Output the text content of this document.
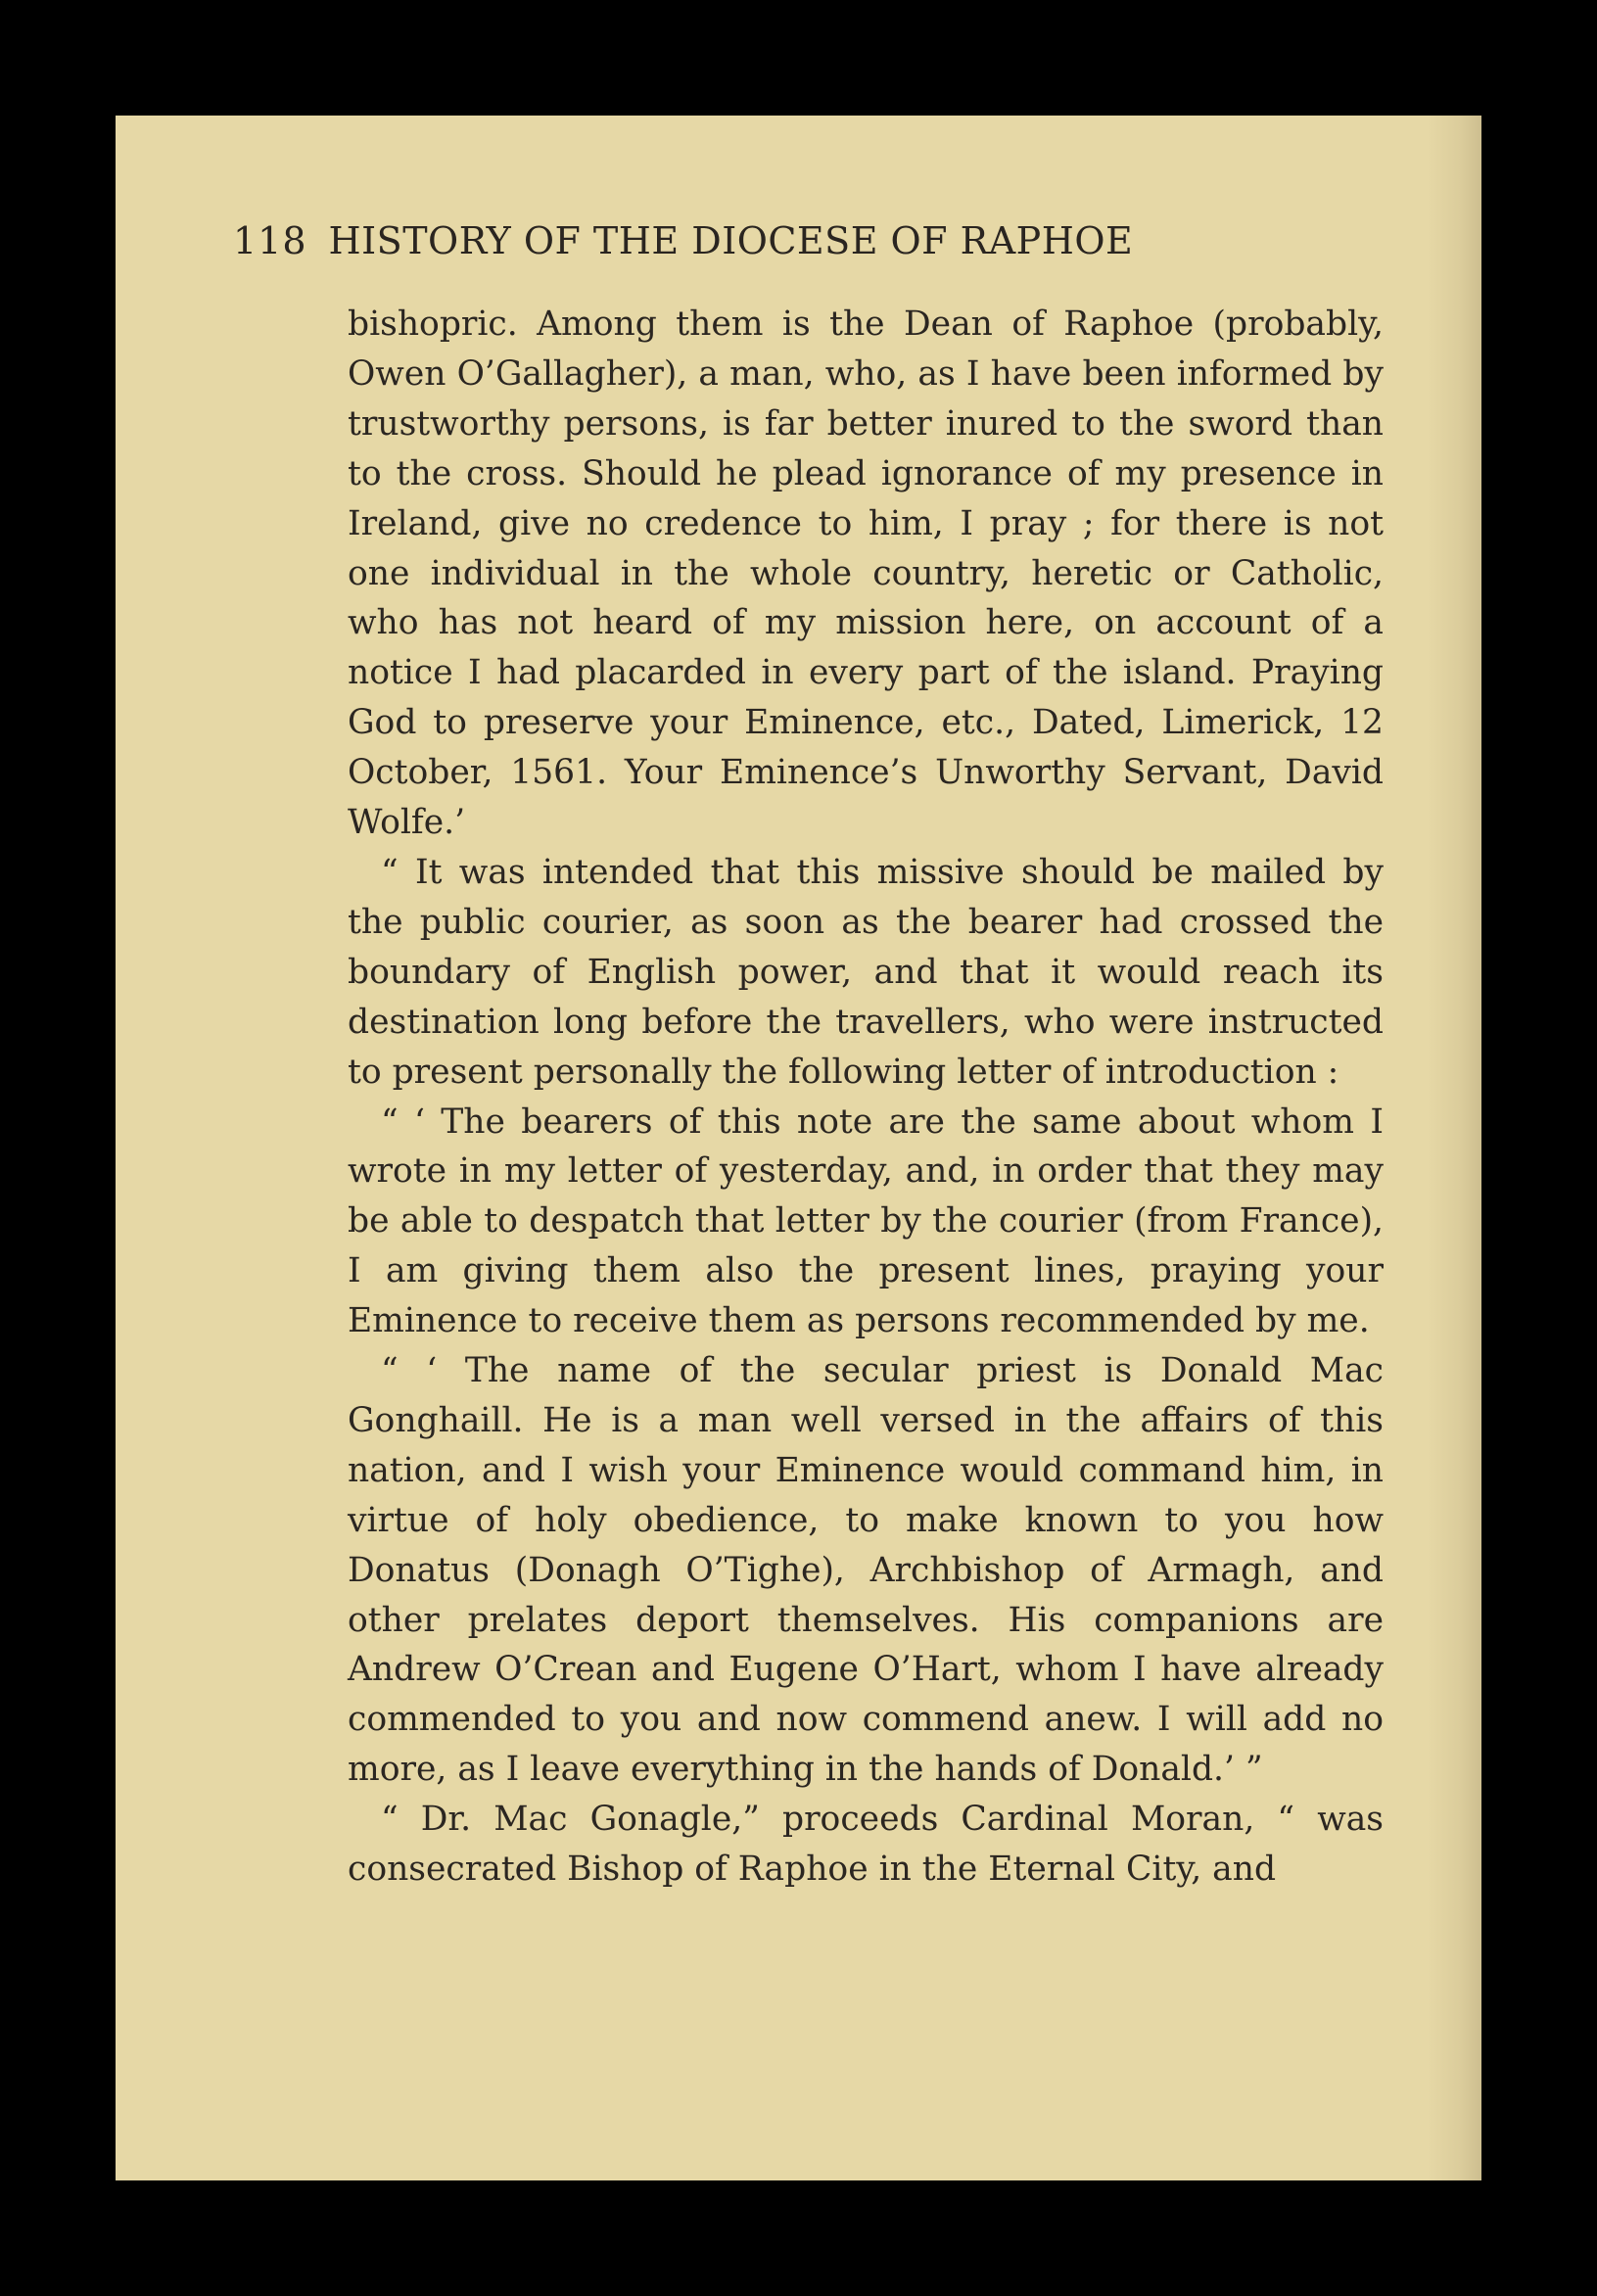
118 HISTORY OF THE DIOCESE OF RAPHOE

bishopric. Among them is the Dean of Raphoe (probably, Owen O’Gallagher), a man, who, as I have been informed by trustworthy persons, is far better inured to the sword than to the cross. Should he plead ignorance of my presence in Ireland, give no credence to him, I pray ; for there is not one individual in the whole country, heretic or Catholic, who has not heard of my mission here, on account of a notice I had placarded in every part of the island. Praying God to preserve your Eminence, etc., Dated, Limerick, 12 October, 1561. Your Eminence’s Unworthy Servant, David Wolfe.’

“ It was intended that this missive should be mailed by the public courier, as soon as the bearer had crossed the boundary of English power, and that it would reach its destination long before the travellers, who were instructed to present personally the following letter of introduction :

“ ‘ The bearers of this note are the same about whom I wrote in my letter of yesterday, and, in order that they may be able to despatch that letter by the courier (from France), I am giving them also the present lines, praying your Eminence to receive them as persons recommended by me.

“ ‘ The name of the secular priest is Donald Mac Gonghaill. He is a man well versed in the affairs of this nation, and I wish your Eminence would command him, in virtue of holy obedience, to make known to you how Donatus (Donagh O’Tighe), Archbishop of Armagh, and other prelates deport themselves. His companions are Andrew O’Crean and Eugene O’Hart, whom I have already commended to you and now commend anew. I will add no more, as I leave everything in the hands of Donald.’ ”

“ Dr. Mac Gonagle,” proceeds Cardinal Moran, “ was consecrated Bishop of Raphoe in the Eternal City, and
